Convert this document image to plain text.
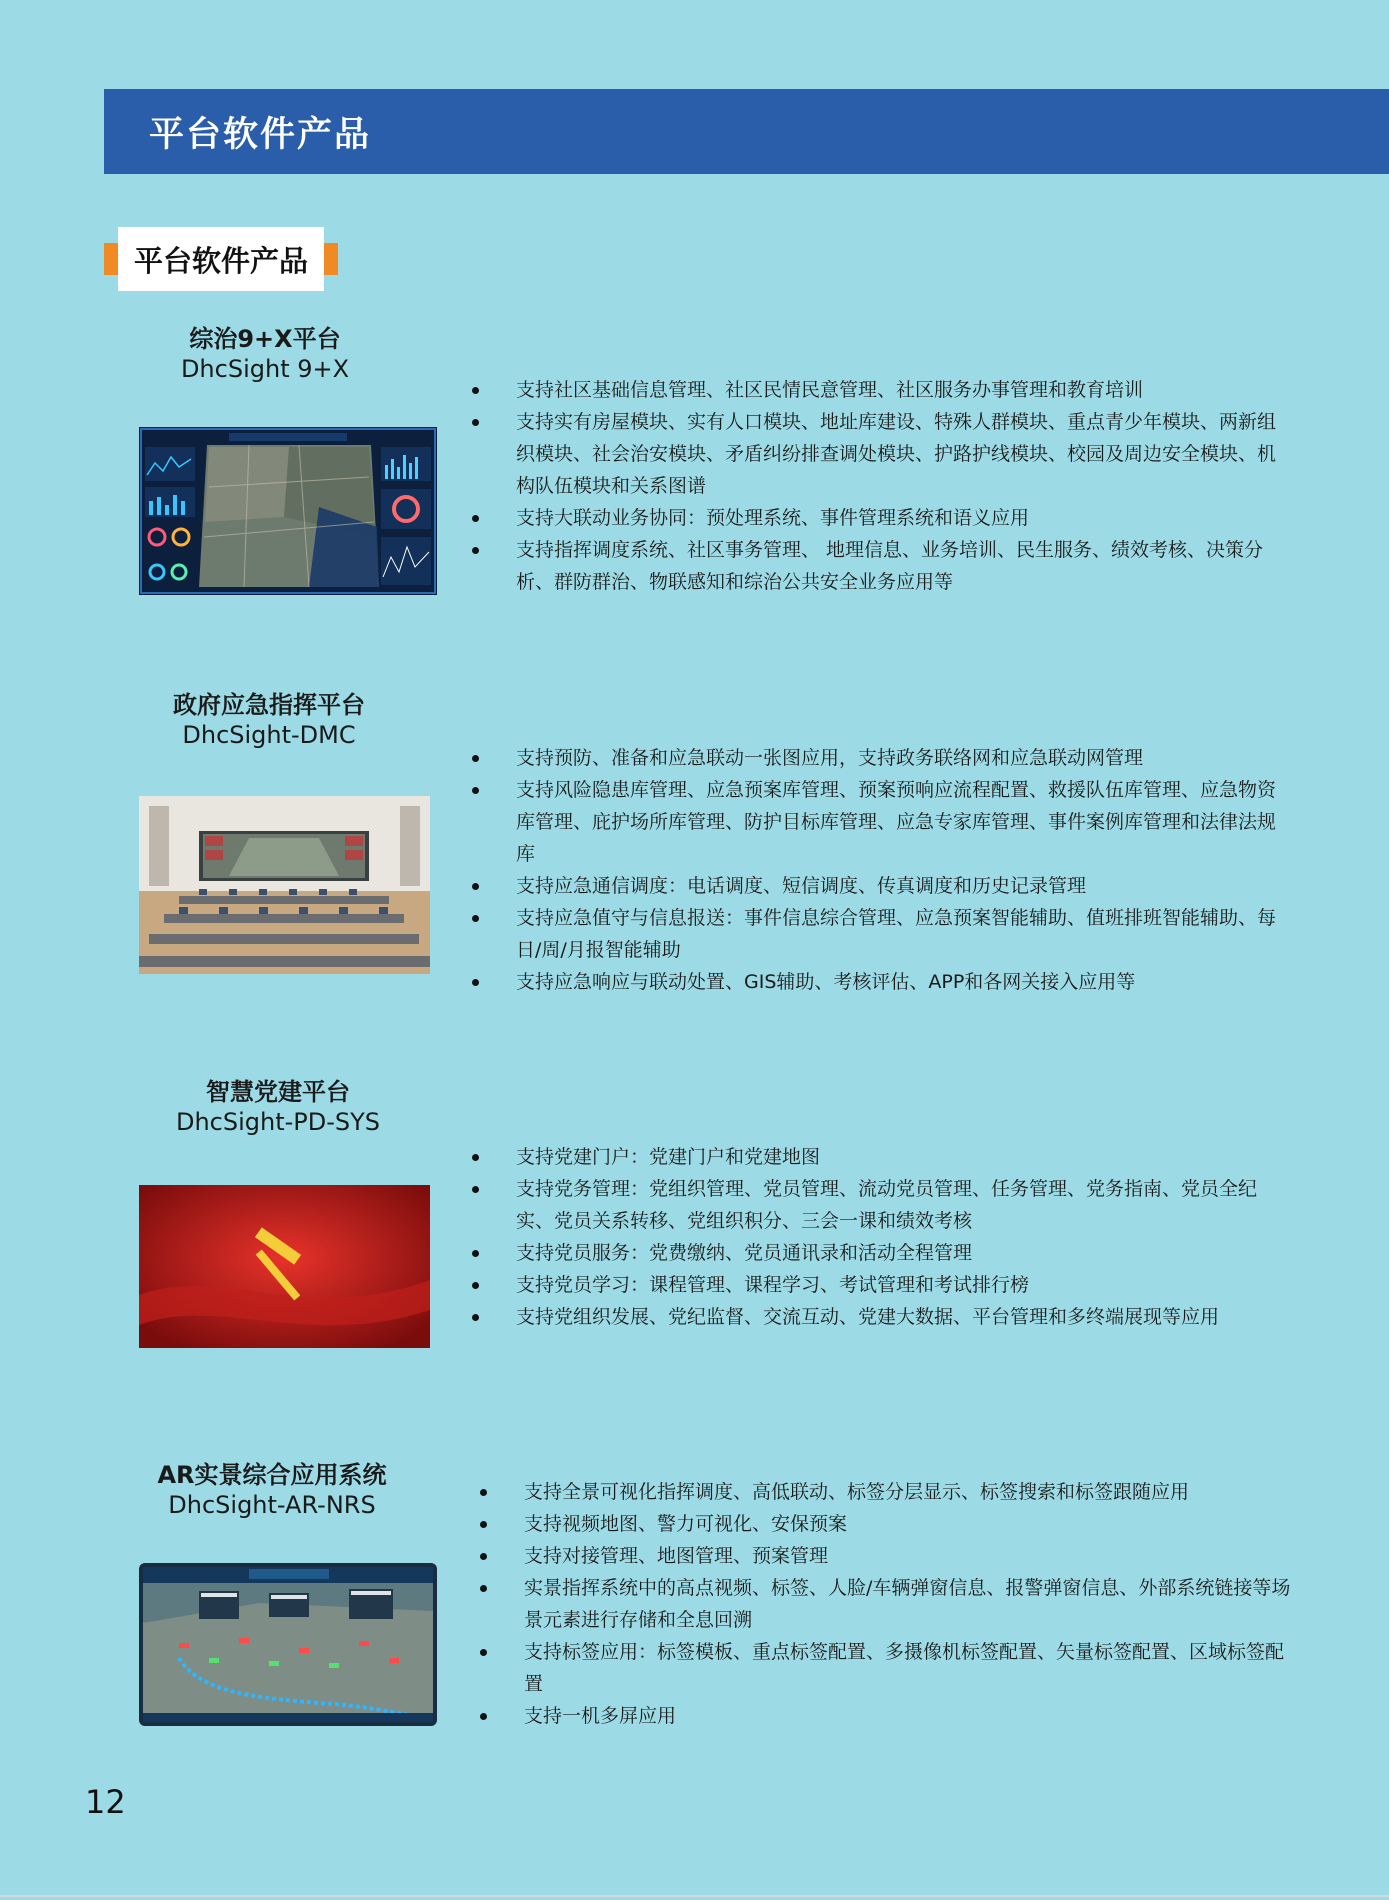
平台软件产品
平台软件产品
综治9+X平台
DhcSight 9+X
支持社区基础信息管理、社区民情民意管理、社区服务办事管理和教育培训
支持实有房屋模块、实有人口模块、地址库建设、特殊人群模块、重点青少年模块、两新组织模块、社会治安模块、矛盾纠纷排查调处模块、护路护线模块、校园及周边安全模块、机构队伍模块和关系图谱
支持大联动业务协同：预处理系统、事件管理系统和语义应用
支持指挥调度系统、社区事务管理、 地理信息、业务培训、民生服务、绩效考核、决策分析、群防群治、物联感知和综治公共安全业务应用等
政府应急指挥平台
DhcSight-DMC
支持预防、准备和应急联动一张图应用，支持政务联络网和应急联动网管理
支持风险隐患库管理、应急预案库管理、预案预响应流程配置、救援队伍库管理、应急物资库管理、庇护场所库管理、防护目标库管理、应急专家库管理、事件案例库管理和法律法规库
支持应急通信调度：电话调度、短信调度、传真调度和历史记录管理
支持应急值守与信息报送：事件信息综合管理、应急预案智能辅助、值班排班智能辅助、每日/周/月报智能辅助
支持应急响应与联动处置、GIS辅助、考核评估、APP和各网关接入应用等
智慧党建平台
DhcSight-PD-SYS
支持党建门户：党建门户和党建地图
支持党务管理：党组织管理、党员管理、流动党员管理、任务管理、党务指南、党员全纪实、党员关系转移、党组织积分、三会一课和绩效考核
支持党员服务：党费缴纳、党员通讯录和活动全程管理
支持党员学习：课程管理、课程学习、考试管理和考试排行榜
支持党组织发展、党纪监督、交流互动、党建大数据、平台管理和多终端展现等应用
AR实景综合应用系统
DhcSight-AR-NRS	支持全景可视化指挥调度、高低联动、标签分层显示、标签搜索和标签跟随应用
支持视频地图、警力可视化、安保预案
支持对接管理、地图管理、预案管理
实景指挥系统中的高点视频、标签、人脸/车辆弹窗信息、报警弹窗信息、外部系统链接等场景元素进行存储和全息回溯
支持标签应用：标签模板、重点标签配置、多摄像机标签配置、矢量标签配置、区域标签配置
支持一机多屏应用
12
